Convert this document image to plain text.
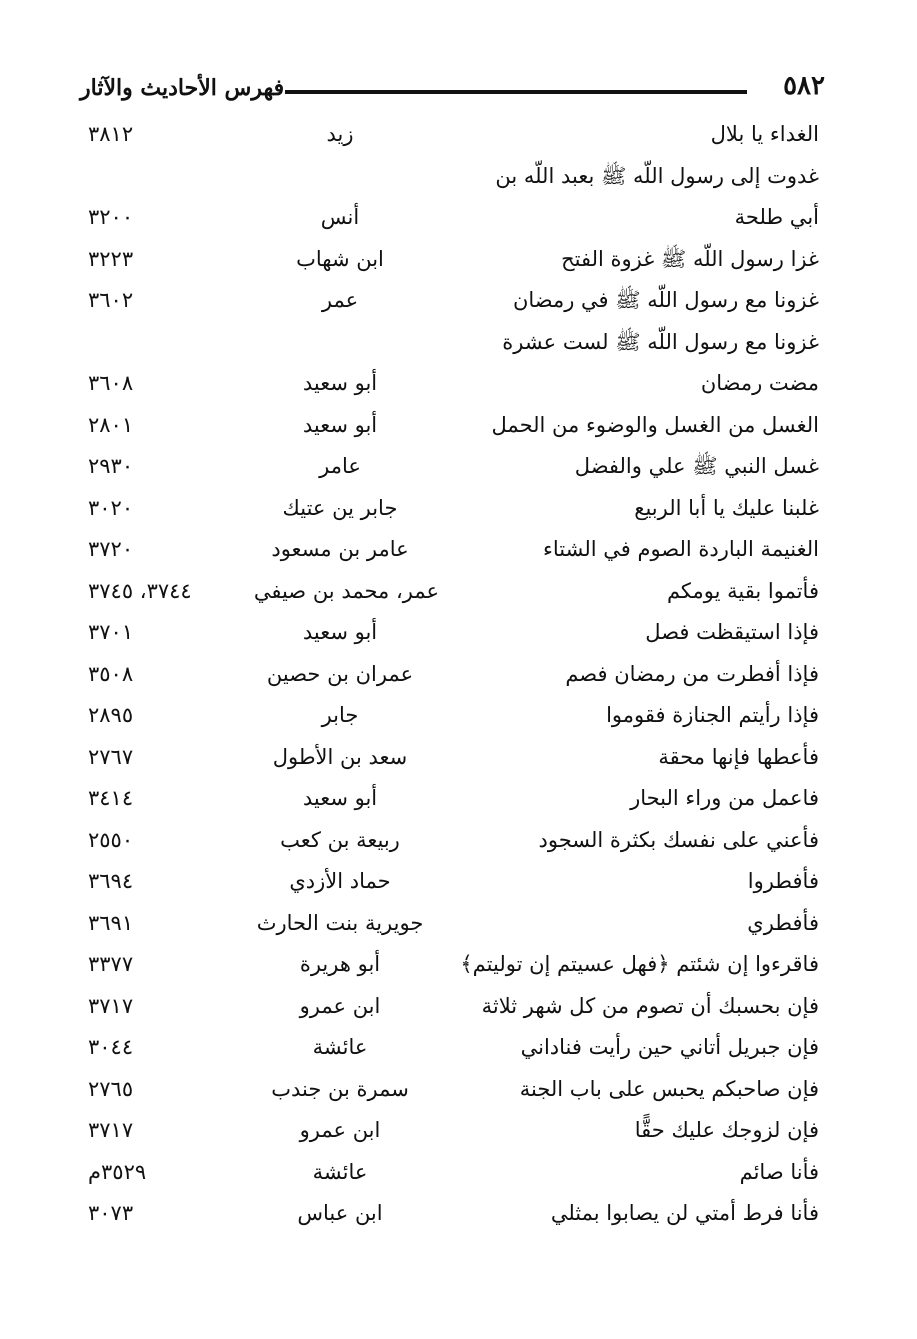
٥٨٢
فهرس الأحاديث والآثار
الغداء يا بلال
زيد
٣٨١٢
غدوت إلى رسول اللّه ﷺ بعبد اللّه بن
أبي طلحة
أنس
٣٢٠٠
غزا رسول اللّه ﷺ غزوة الفتح
ابن شهاب
٣٢٢٣
غزونا مع رسول اللّه ﷺ في رمضان
عمر
٣٦٠٢
غزونا مع رسول اللّه ﷺ لست عشرة
مضت رمضان
أبو سعيد
٣٦٠٨
الغسل من الغسل والوضوء من الحمل
أبو سعيد
٢٨٠١
غسل النبي ﷺ علي والفضل
عامر
٢٩٣٠
غلبنا عليك يا أبا الربيع
جابر ين عتيك
٣٠٢٠
الغنيمة الباردة الصوم في الشتاء
عامر بن مسعود
٣٧٢٠
فأتموا بقية يومكم
عمر، محمد بن صيفي
٣٧٤٤، ٣٧٤٥
فإذا استيقظت فصل
أبو سعيد
٣٧٠١
فإذا أفطرت من رمضان فصم
عمران بن حصين
٣٥٠٨
فإذا رأيتم الجنازة فقوموا
جابر
٢٨٩٥
فأعطها فإنها محقة
سعد بن الأطول
٢٧٦٧
فاعمل من وراء البحار
أبو سعيد
٣٤١٤
فأعني على نفسك بكثرة السجود
ربيعة بن كعب
٢٥٥٠
فأفطروا
حماد الأزدي
٣٦٩٤
فأفطري
جويرية بنت الحارث
٣٦٩١
فاقرءوا إن شئتم ﴿فهل عسيتم إن توليتم﴾
أبو هريرة
٣٣٧٧
فإن بحسبك أن تصوم من كل شهر ثلاثة
ابن عمرو
٣٧١٧
فإن جبريل أتاني حين رأيت فناداني
عائشة
٣٠٤٤
فإن صاحبكم يحبس على باب الجنة
سمرة بن جندب
٢٧٦٥
فإن لزوجك عليك حقًّا
ابن عمرو
٣٧١٧
فأنا صائم
عائشة
٣٥٢٩م
فأنا فرط أمتي لن يصابوا بمثلي
ابن عباس
٣٠٧٣
